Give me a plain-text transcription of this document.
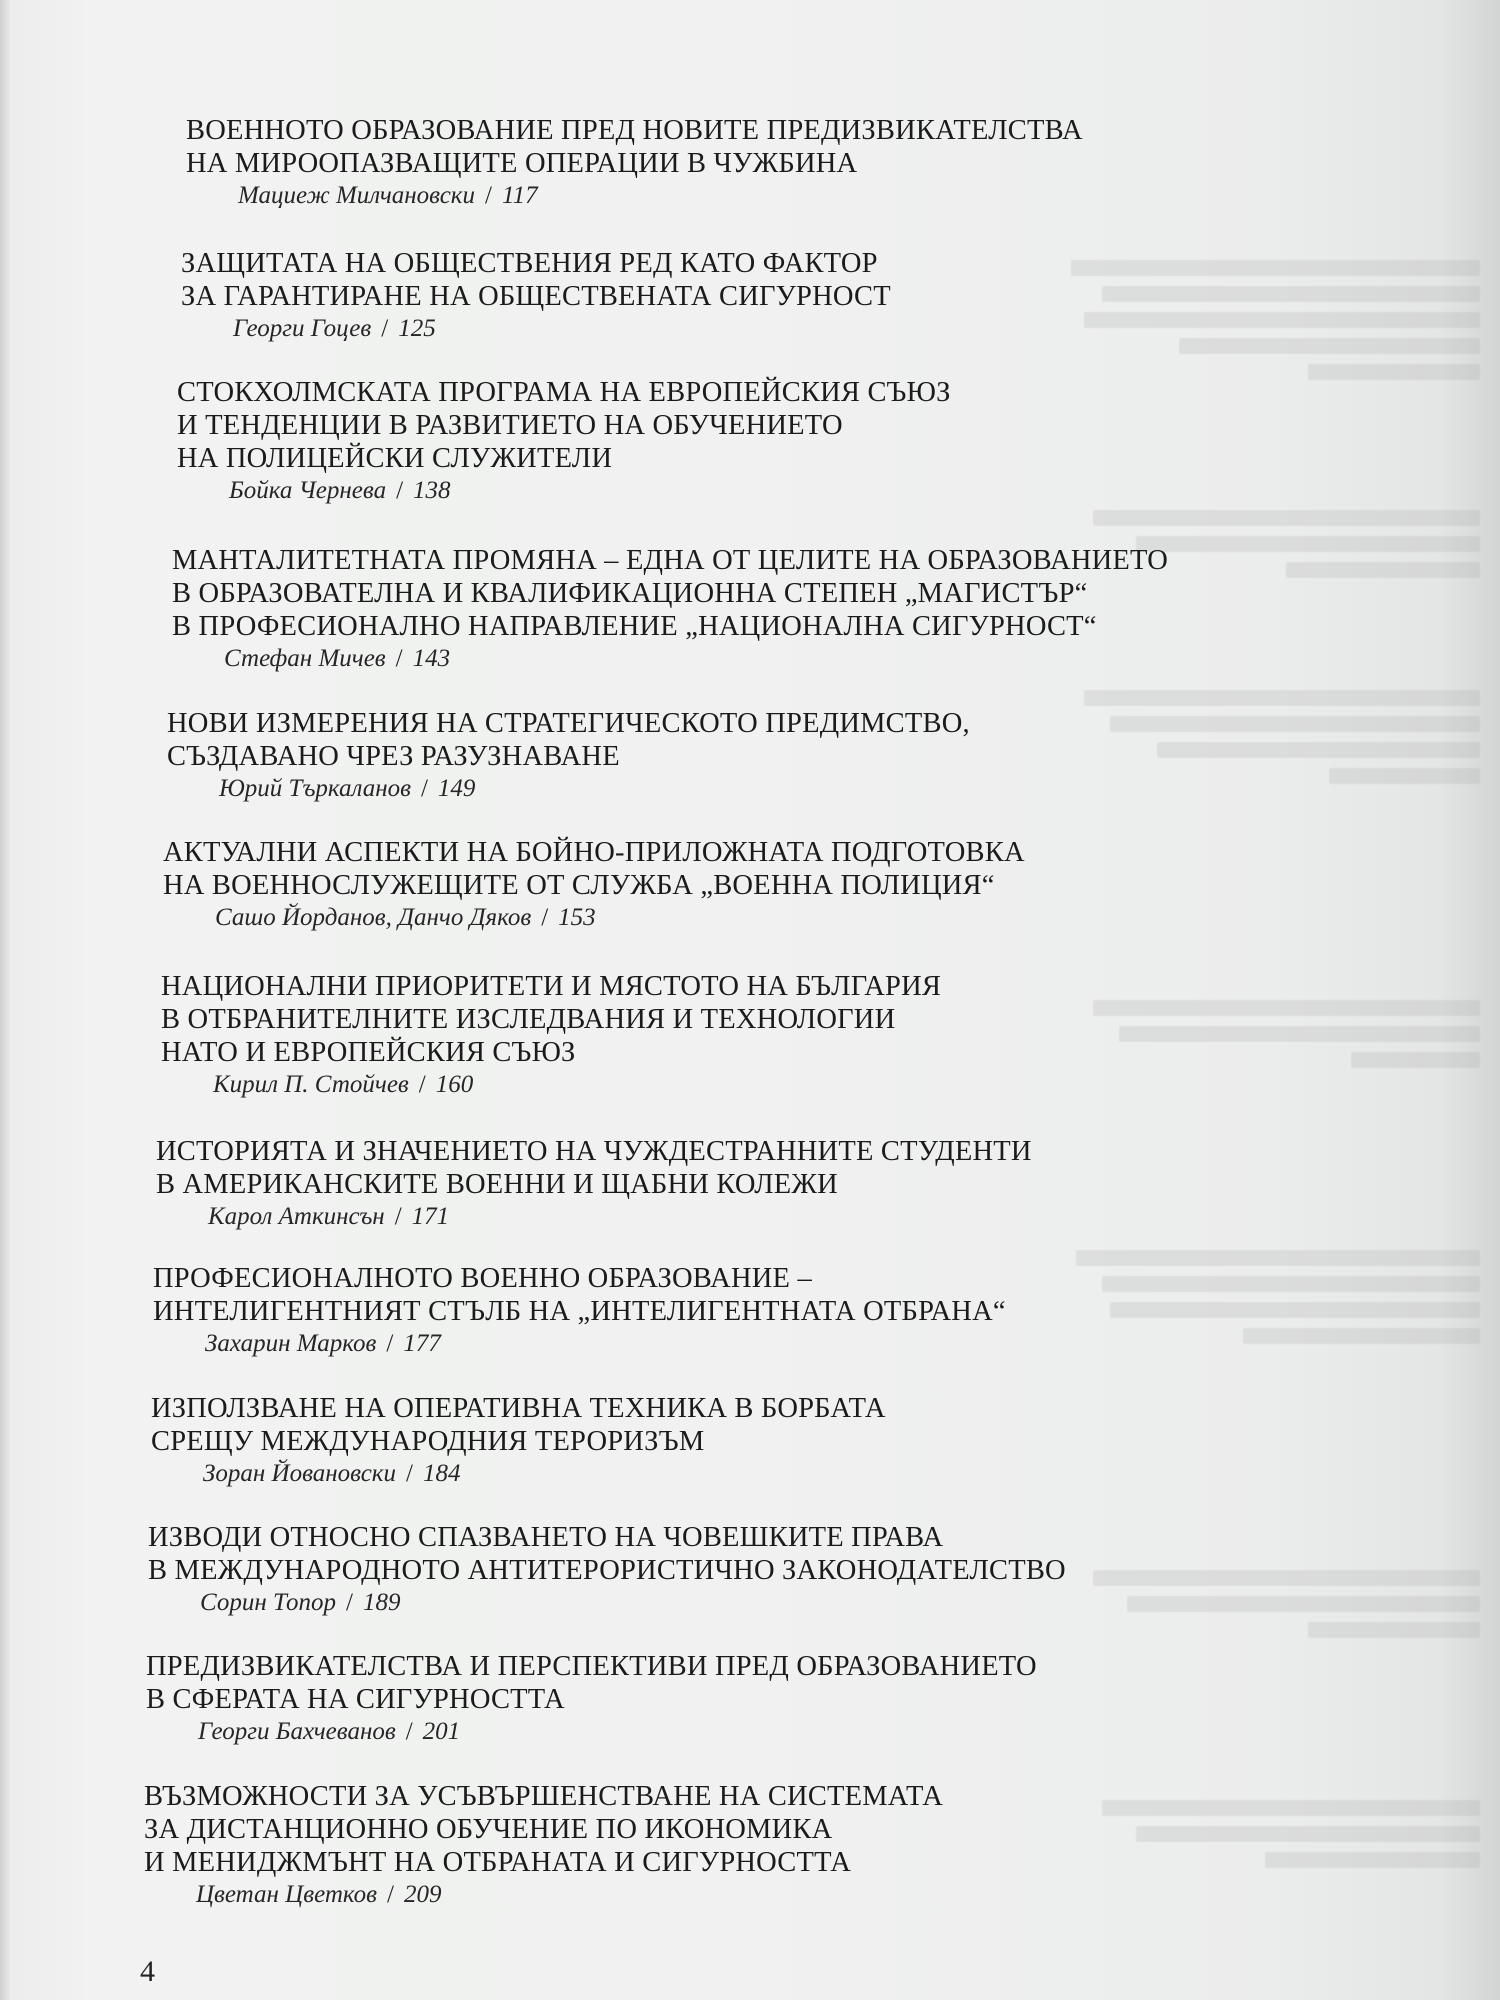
ВОЕННОТО ОБРАЗОВАНИЕ ПРЕД НОВИТЕ ПРЕДИЗВИКАТЕЛСТВА
НА МИРООПАЗВАЩИТЕ ОПЕРАЦИИ В ЧУЖБИНА
Мациеж Милчановски / 117
ЗАЩИТАТА НА ОБЩЕСТВЕНИЯ РЕД КАТО ФАКТОР
ЗА ГАРАНТИРАНЕ НА ОБЩЕСТВЕНАТА СИГУРНОСТ
Георги Гоцев / 125
СТОКХОЛМСКАТА ПРОГРАМА НА ЕВРОПЕЙСКИЯ СЪЮЗ
И ТЕНДЕНЦИИ В РАЗВИТИЕТО НА ОБУЧЕНИЕТО
НА ПОЛИЦЕЙСКИ СЛУЖИТЕЛИ
Бойка Чернева / 138
МАНТАЛИТЕТНАТА ПРОМЯНА – ЕДНА ОТ ЦЕЛИТЕ НА ОБРАЗОВАНИЕТО
В ОБРАЗОВАТЕЛНА И КВАЛИФИКАЦИОННА СТЕПЕН „МАГИСТЪР“
В ПРОФЕСИОНАЛНО НАПРАВЛЕНИЕ „НАЦИОНАЛНА СИГУРНОСТ“
Стефан Мичев / 143
НОВИ ИЗМЕРЕНИЯ НА СТРАТЕГИЧЕСКОТО ПРЕДИМСТВО,
СЪЗДАВАНО ЧРЕЗ РАЗУЗНАВАНЕ
Юрий Търкаланов / 149
АКТУАЛНИ АСПЕКТИ НА БОЙНО-ПРИЛОЖНАТА ПОДГОТОВКА
НА ВОЕННОСЛУЖЕЩИТЕ ОТ СЛУЖБА „ВОЕННА ПОЛИЦИЯ“
Сашо Йорданов, Данчо Дяков / 153
НАЦИОНАЛНИ ПРИОРИТЕТИ И МЯСТОТО НА БЪЛГАРИЯ
В ОТБРАНИТЕЛНИТЕ ИЗСЛЕДВАНИЯ И ТЕХНОЛОГИИ
НАТО И ЕВРОПЕЙСКИЯ СЪЮЗ
Кирил П. Стойчев / 160
ИСТОРИЯТА И ЗНАЧЕНИЕТО НА ЧУЖДЕСТРАННИТЕ СТУДЕНТИ
В АМЕРИКАНСКИТЕ ВОЕННИ И ЩАБНИ КОЛЕЖИ
Карол Аткинсън / 171
ПРОФЕСИОНАЛНОТО ВОЕННО ОБРАЗОВАНИЕ –
ИНТЕЛИГЕНТНИЯТ СТЪЛБ НА „ИНТЕЛИГЕНТНАТА ОТБРАНА“
Захарин Марков / 177
ИЗПОЛЗВАНЕ НА ОПЕРАТИВНА ТЕХНИКА В БОРБАТА
СРЕЩУ МЕЖДУНАРОДНИЯ ТЕРОРИЗЪМ
Зоран Йовановски / 184
ИЗВОДИ ОТНОСНО СПАЗВАНЕТО НА ЧОВЕШКИТЕ ПРАВА
В МЕЖДУНАРОДНОТО АНТИТЕРОРИСТИЧНО ЗАКОНОДАТЕЛСТВО
Сорин Топор / 189
ПРЕДИЗВИКАТЕЛСТВА И ПЕРСПЕКТИВИ ПРЕД ОБРАЗОВАНИЕТО
В СФЕРАТА НА СИГУРНОСТТА
Георги Бахчеванов / 201
ВЪЗМОЖНОСТИ ЗА УСЪВЪРШЕНСТВАНЕ НА СИСТЕМАТА
ЗА ДИСТАНЦИОННО ОБУЧЕНИЕ ПО ИКОНОМИКА
И МЕНИДЖМЪНТ НА ОТБРАНАТА И СИГУРНОСТТА
Цветан Цветков / 209
4
